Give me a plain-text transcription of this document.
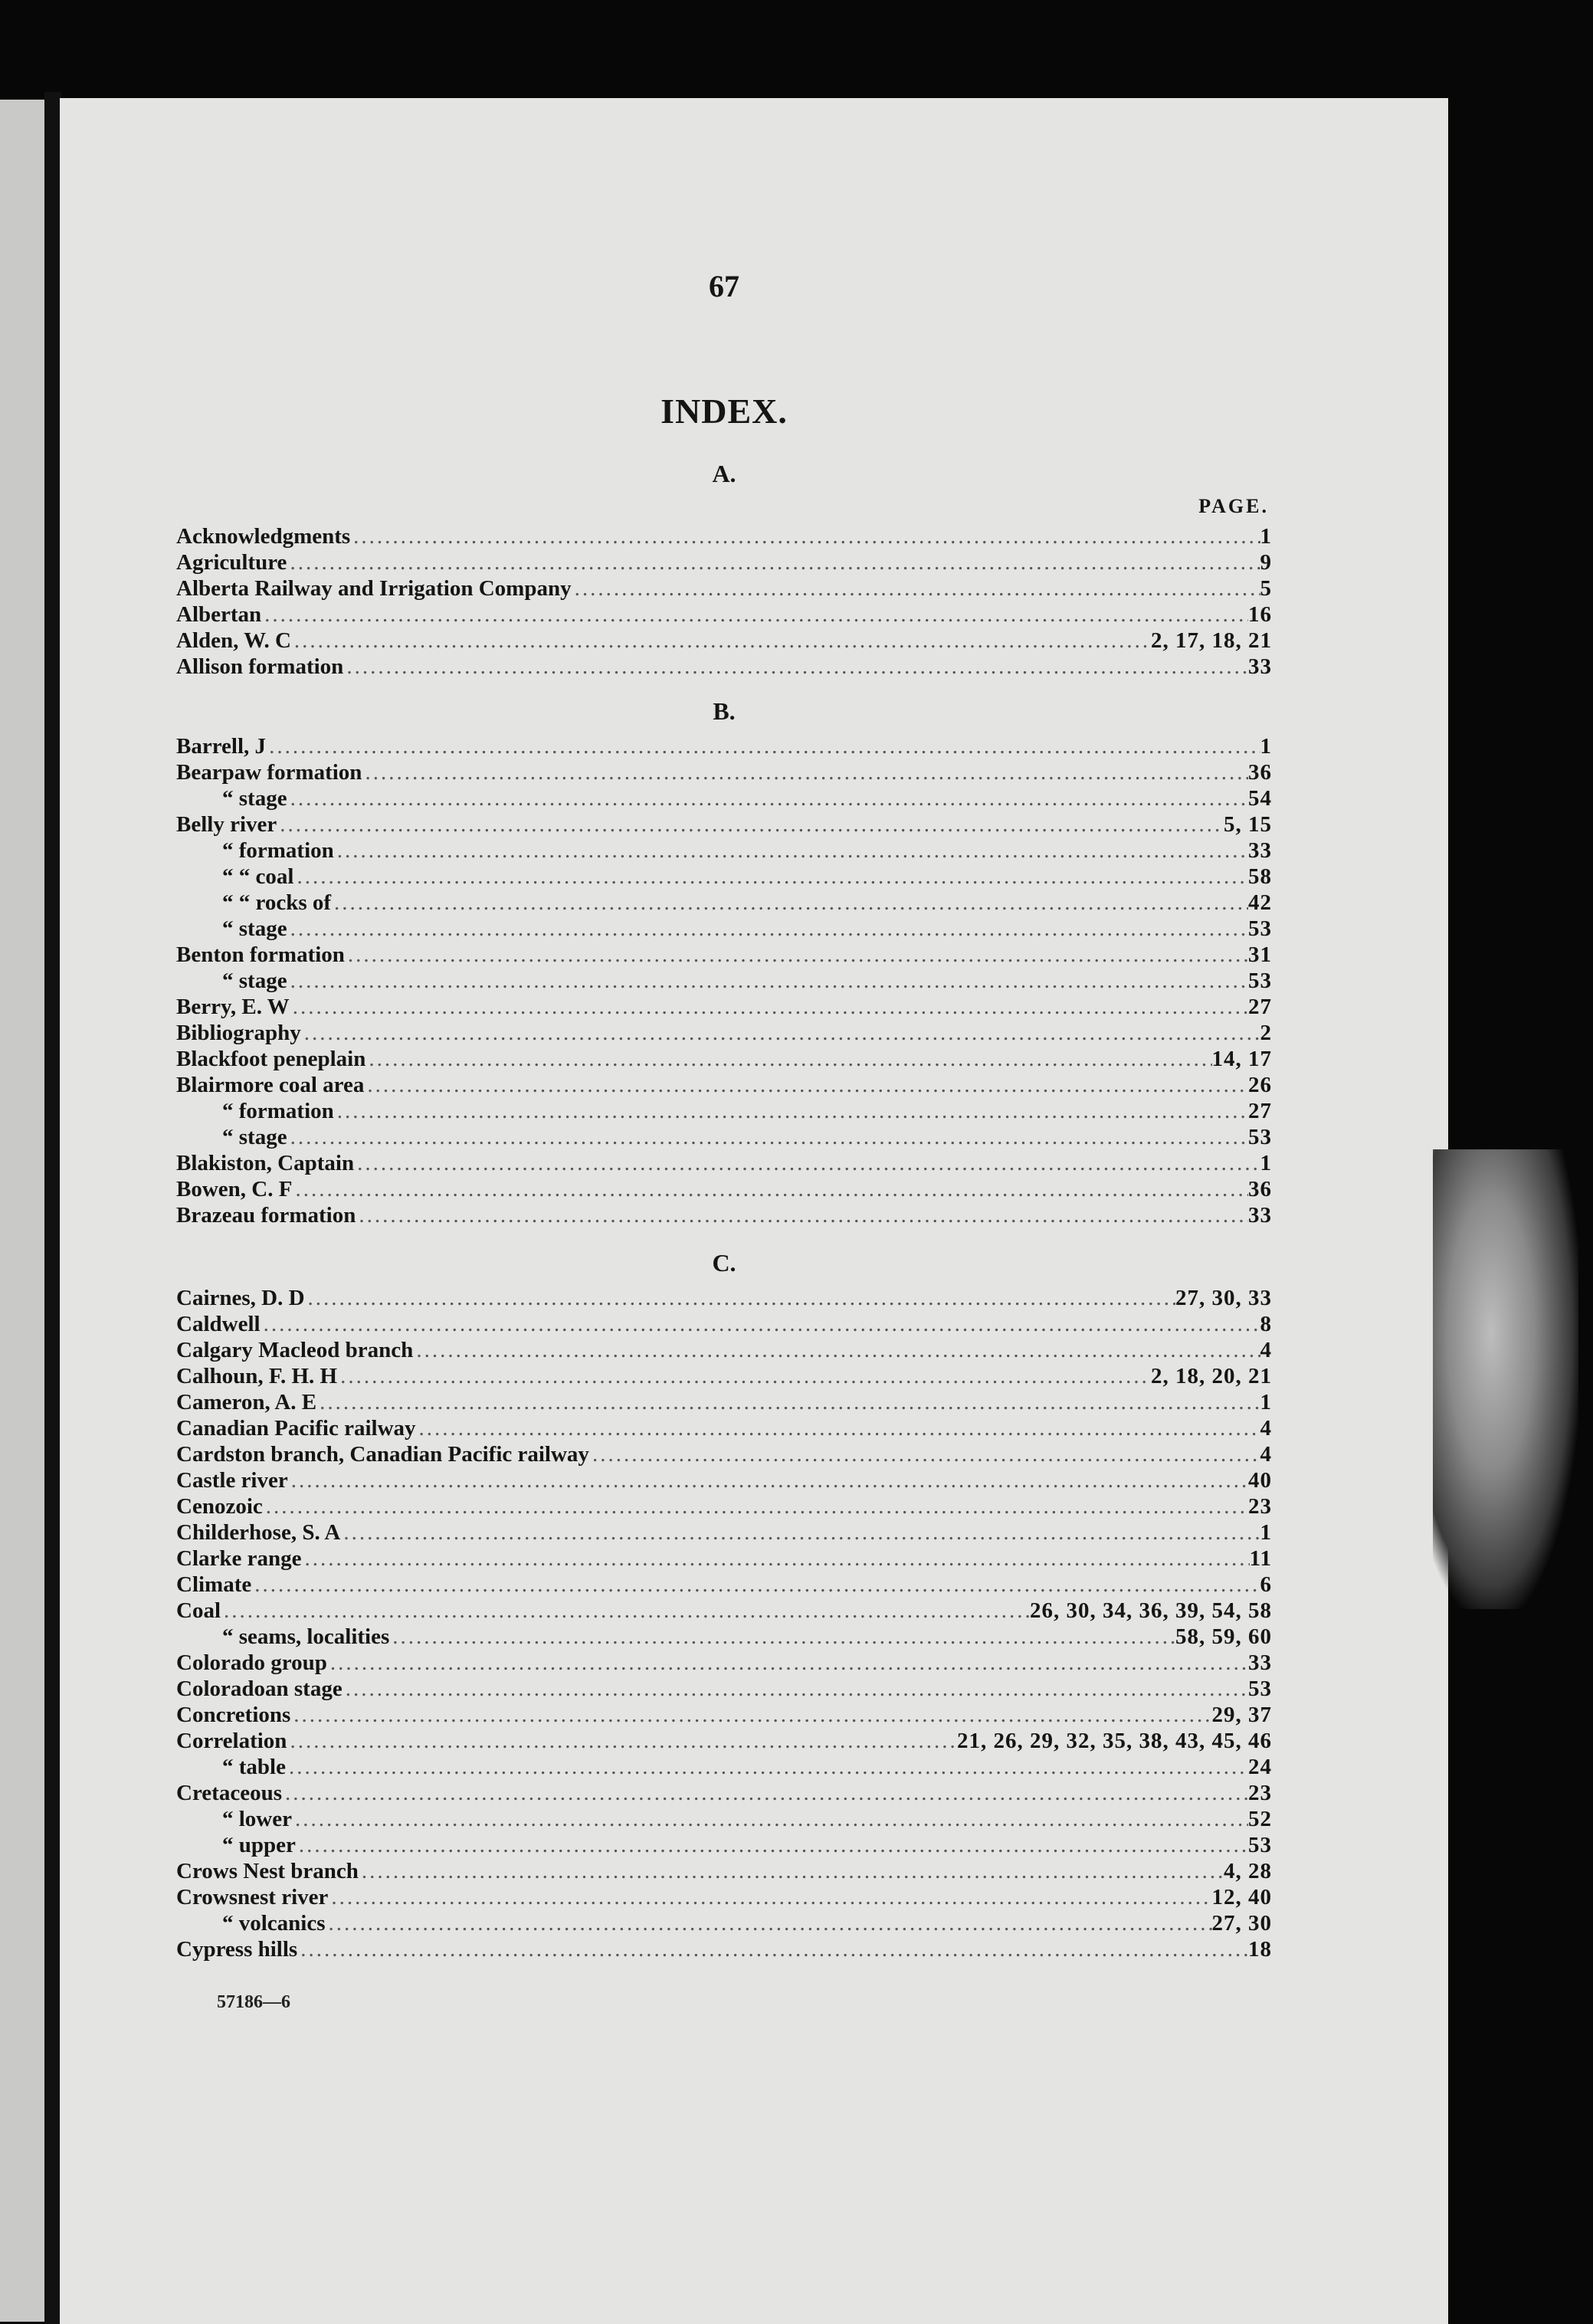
67
INDEX.
A.
PAGE.
Acknowledgments .....	1
Agriculture .....	9
Alberta Railway and Irrigation Company .....	5
Albertan .....	16
Alden, W. C .....	2, 17, 18, 21
Allison formation .....	33
B.
Barrell, J .....	1
Bearpaw formation .....	36
“ stage .....	54
Belly river .....	5, 15
“ formation .....	33
“ “ coal .....	58
“ “ rocks of .....	42
“ stage .....	53
Benton formation .....	31
“ stage .....	53
Berry, E. W .....	27
Bibliography .....	2
Blackfoot peneplain .....	14, 17
Blairmore coal area .....	26
“ formation .....	27
“ stage .....	53
Blakiston, Captain .....	1
Bowen, C. F .....	36
Brazeau formation .....	33
C.
Cairnes, D. D .....	27, 30, 33
Caldwell .....	8
Calgary Macleod branch .....	4
Calhoun, F. H. H .....	2, 18, 20, 21
Cameron, A. E .....	1
Canadian Pacific railway .....	4
Cardston branch, Canadian Pacific railway .....	4
Castle river .....	40
Cenozoic .....	23
Childerhose, S. A .....	1
Clarke range .....	11
Climate .....	6
Coal .....	26, 30, 34, 36, 39, 54, 58
“ seams, localities .....	58, 59, 60
Colorado group .....	33
Coloradoan stage .....	53
Concretions .....	29, 37
Correlation .....	21, 26, 29, 32, 35, 38, 43, 45, 46
“ table .....	24
Cretaceous .....	23
“ lower .....	52
“ upper .....	53
Crows Nest branch .....	4, 28
Crowsnest river .....	12, 40
“ volcanics .....	27, 30
Cypress hills .....	18
57186—6
